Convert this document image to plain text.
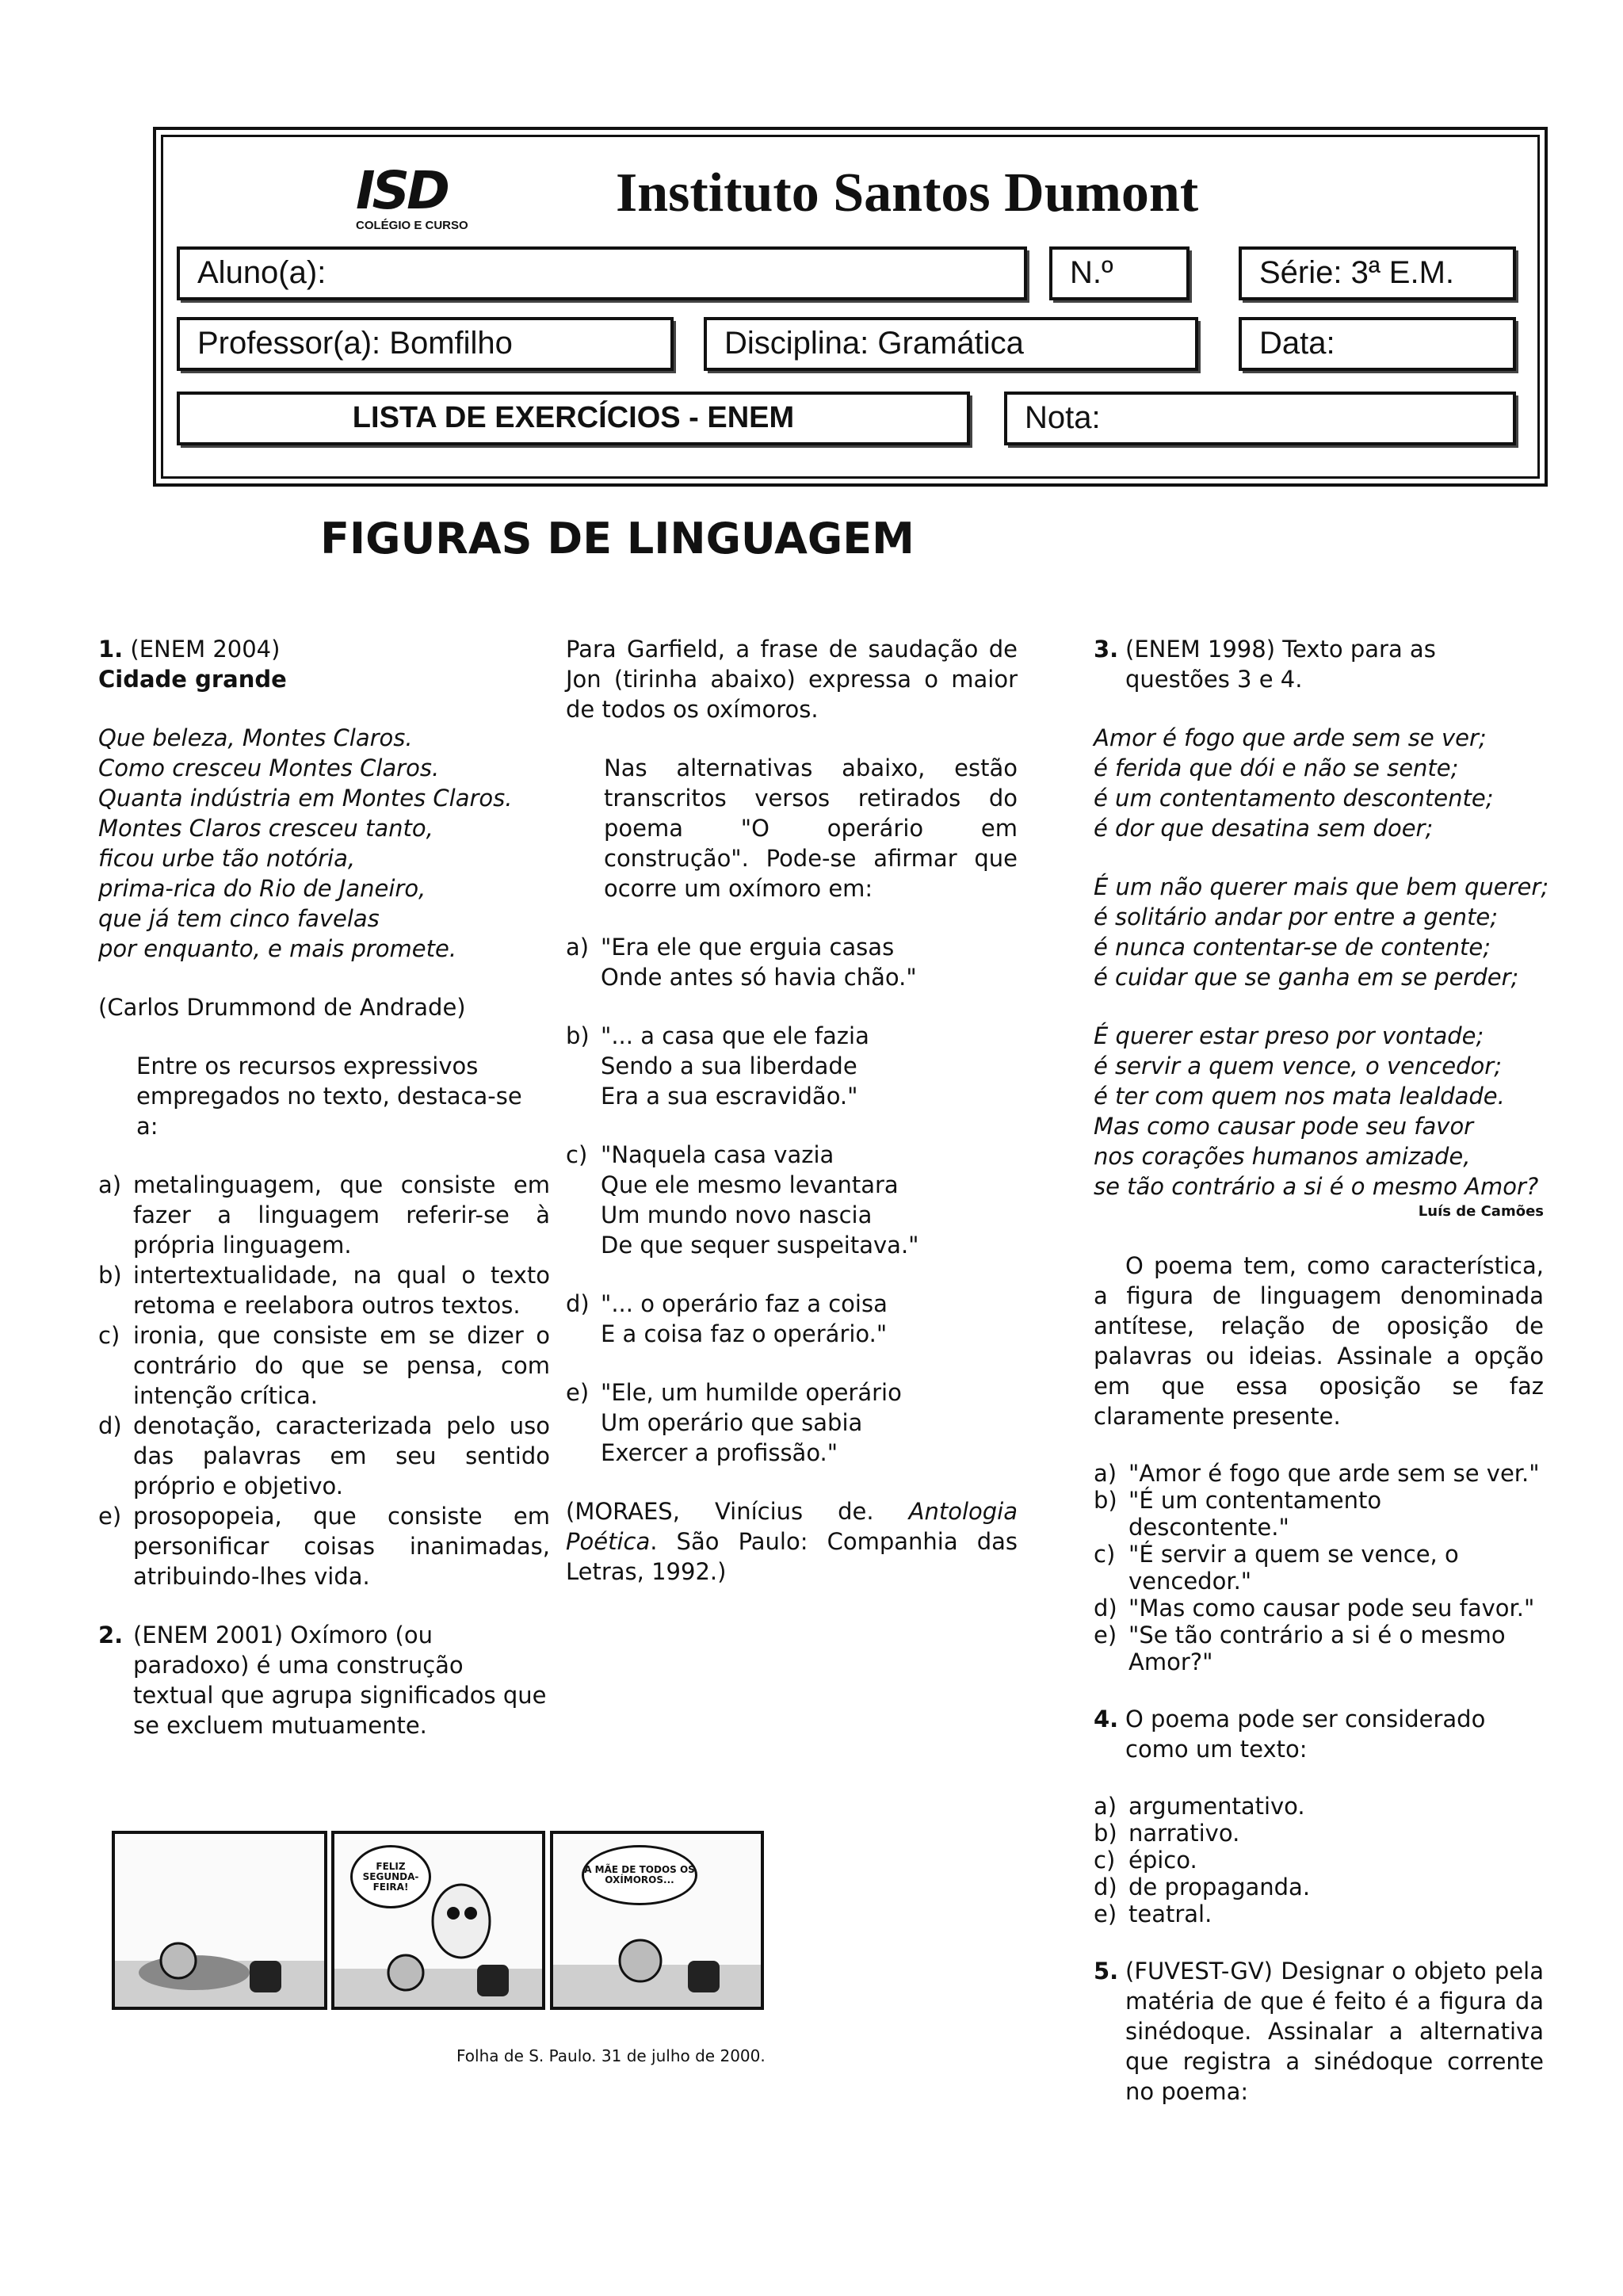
ISD
COLÉGIO E CURSO
Instituto Santos Dumont
Aluno(a):	N.º	Série: 3ª E.M.
Professor(a): Bomfilho	Disciplina: Gramática	Data:
LISTA DE EXERCÍCIOS - ENEM	Nota:
FIGURAS DE LINGUAGEM
1. (ENEM 2004)
Cidade grande
Que beleza, Montes Claros.
Como cresceu Montes Claros.
Quanta indústria em Montes Claros.
Montes Claros cresceu tanto,
ficou urbe tão notória,
prima-rica do Rio de Janeiro,
que já tem cinco favelas
por enquanto, e mais promete.
(Carlos Drummond de Andrade)
Entre os recursos expressivos empregados no texto, destaca-se a:
a) metalinguagem, que consiste em fazer a linguagem referir-se à própria linguagem.
b) intertextualidade, na qual o texto retoma e reelabora outros textos.
c) ironia, que consiste em se dizer o contrário do que se pensa, com intenção crítica.
d) denotação, caracterizada pelo uso das palavras em seu sentido próprio e objetivo.
e) prosopopeia, que consiste em personificar coisas inanimadas, atribuindo-lhes vida.
2. (ENEM 2001) Oxímoro (ou paradoxo) é uma construção textual que agrupa significados que se excluem mutuamente.
FELIZ SEGUNDA-FEIRA!
A MÃE DE TODOS OS OXÍMOROS...
Folha de S. Paulo. 31 de julho de 2000.
Para Garfield, a frase de saudação de Jon (tirinha abaixo) expressa o maior de todos os oxímoros.
Nas alternativas abaixo, estão transcritos versos retirados do poema "O operário em construção". Pode-se afirmar que ocorre um oxímoro em:
a) "Era ele que erguia casas
Onde antes só havia chão."
b) "... a casa que ele fazia
Sendo a sua liberdade
Era a sua escravidão."
c) "Naquela casa vazia
Que ele mesmo levantara
Um mundo novo nascia
De que sequer suspeitava."
d) "... o operário faz a coisa
E a coisa faz o operário."
e) "Ele, um humilde operário
Um operário que sabia
Exercer a profissão."
(MORAES, Vinícius de. Antologia Poética. São Paulo: Companhia das Letras, 1992.)
3. (ENEM 1998) Texto para as questões 3 e 4.
Amor é fogo que arde sem se ver;
é ferida que dói e não se sente;
é um contentamento descontente;
é dor que desatina sem doer;
É um não querer mais que bem querer;
é solitário andar por entre a gente;
é nunca contentar-se de contente;
é cuidar que se ganha em se perder;
É querer estar preso por vontade;
é servir a quem vence, o vencedor;
é ter com quem nos mata lealdade.
Mas como causar pode seu favor
nos corações humanos amizade,
se tão contrário a si é o mesmo Amor?
Luís de Camões
O poema tem, como característica, a figura de linguagem denominada antítese, relação de oposição de palavras ou ideias. Assinale a opção em que essa oposição se faz claramente presente.
a) "Amor é fogo que arde sem se ver."
b) "É um contentamento descontente."
c) "É servir a quem se vence, o vencedor."
d) "Mas como causar pode seu favor."
e) "Se tão contrário a si é o mesmo Amor?"
4. O poema pode ser considerado como um texto:
a) argumentativo.
b) narrativo.
c) épico.
d) de propaganda.
e) teatral.
5. (FUVEST-GV) Designar o objeto pela matéria de que é feito é a figura da sinédoque. Assinalar a alternativa que registra a sinédoque corrente no poema:
